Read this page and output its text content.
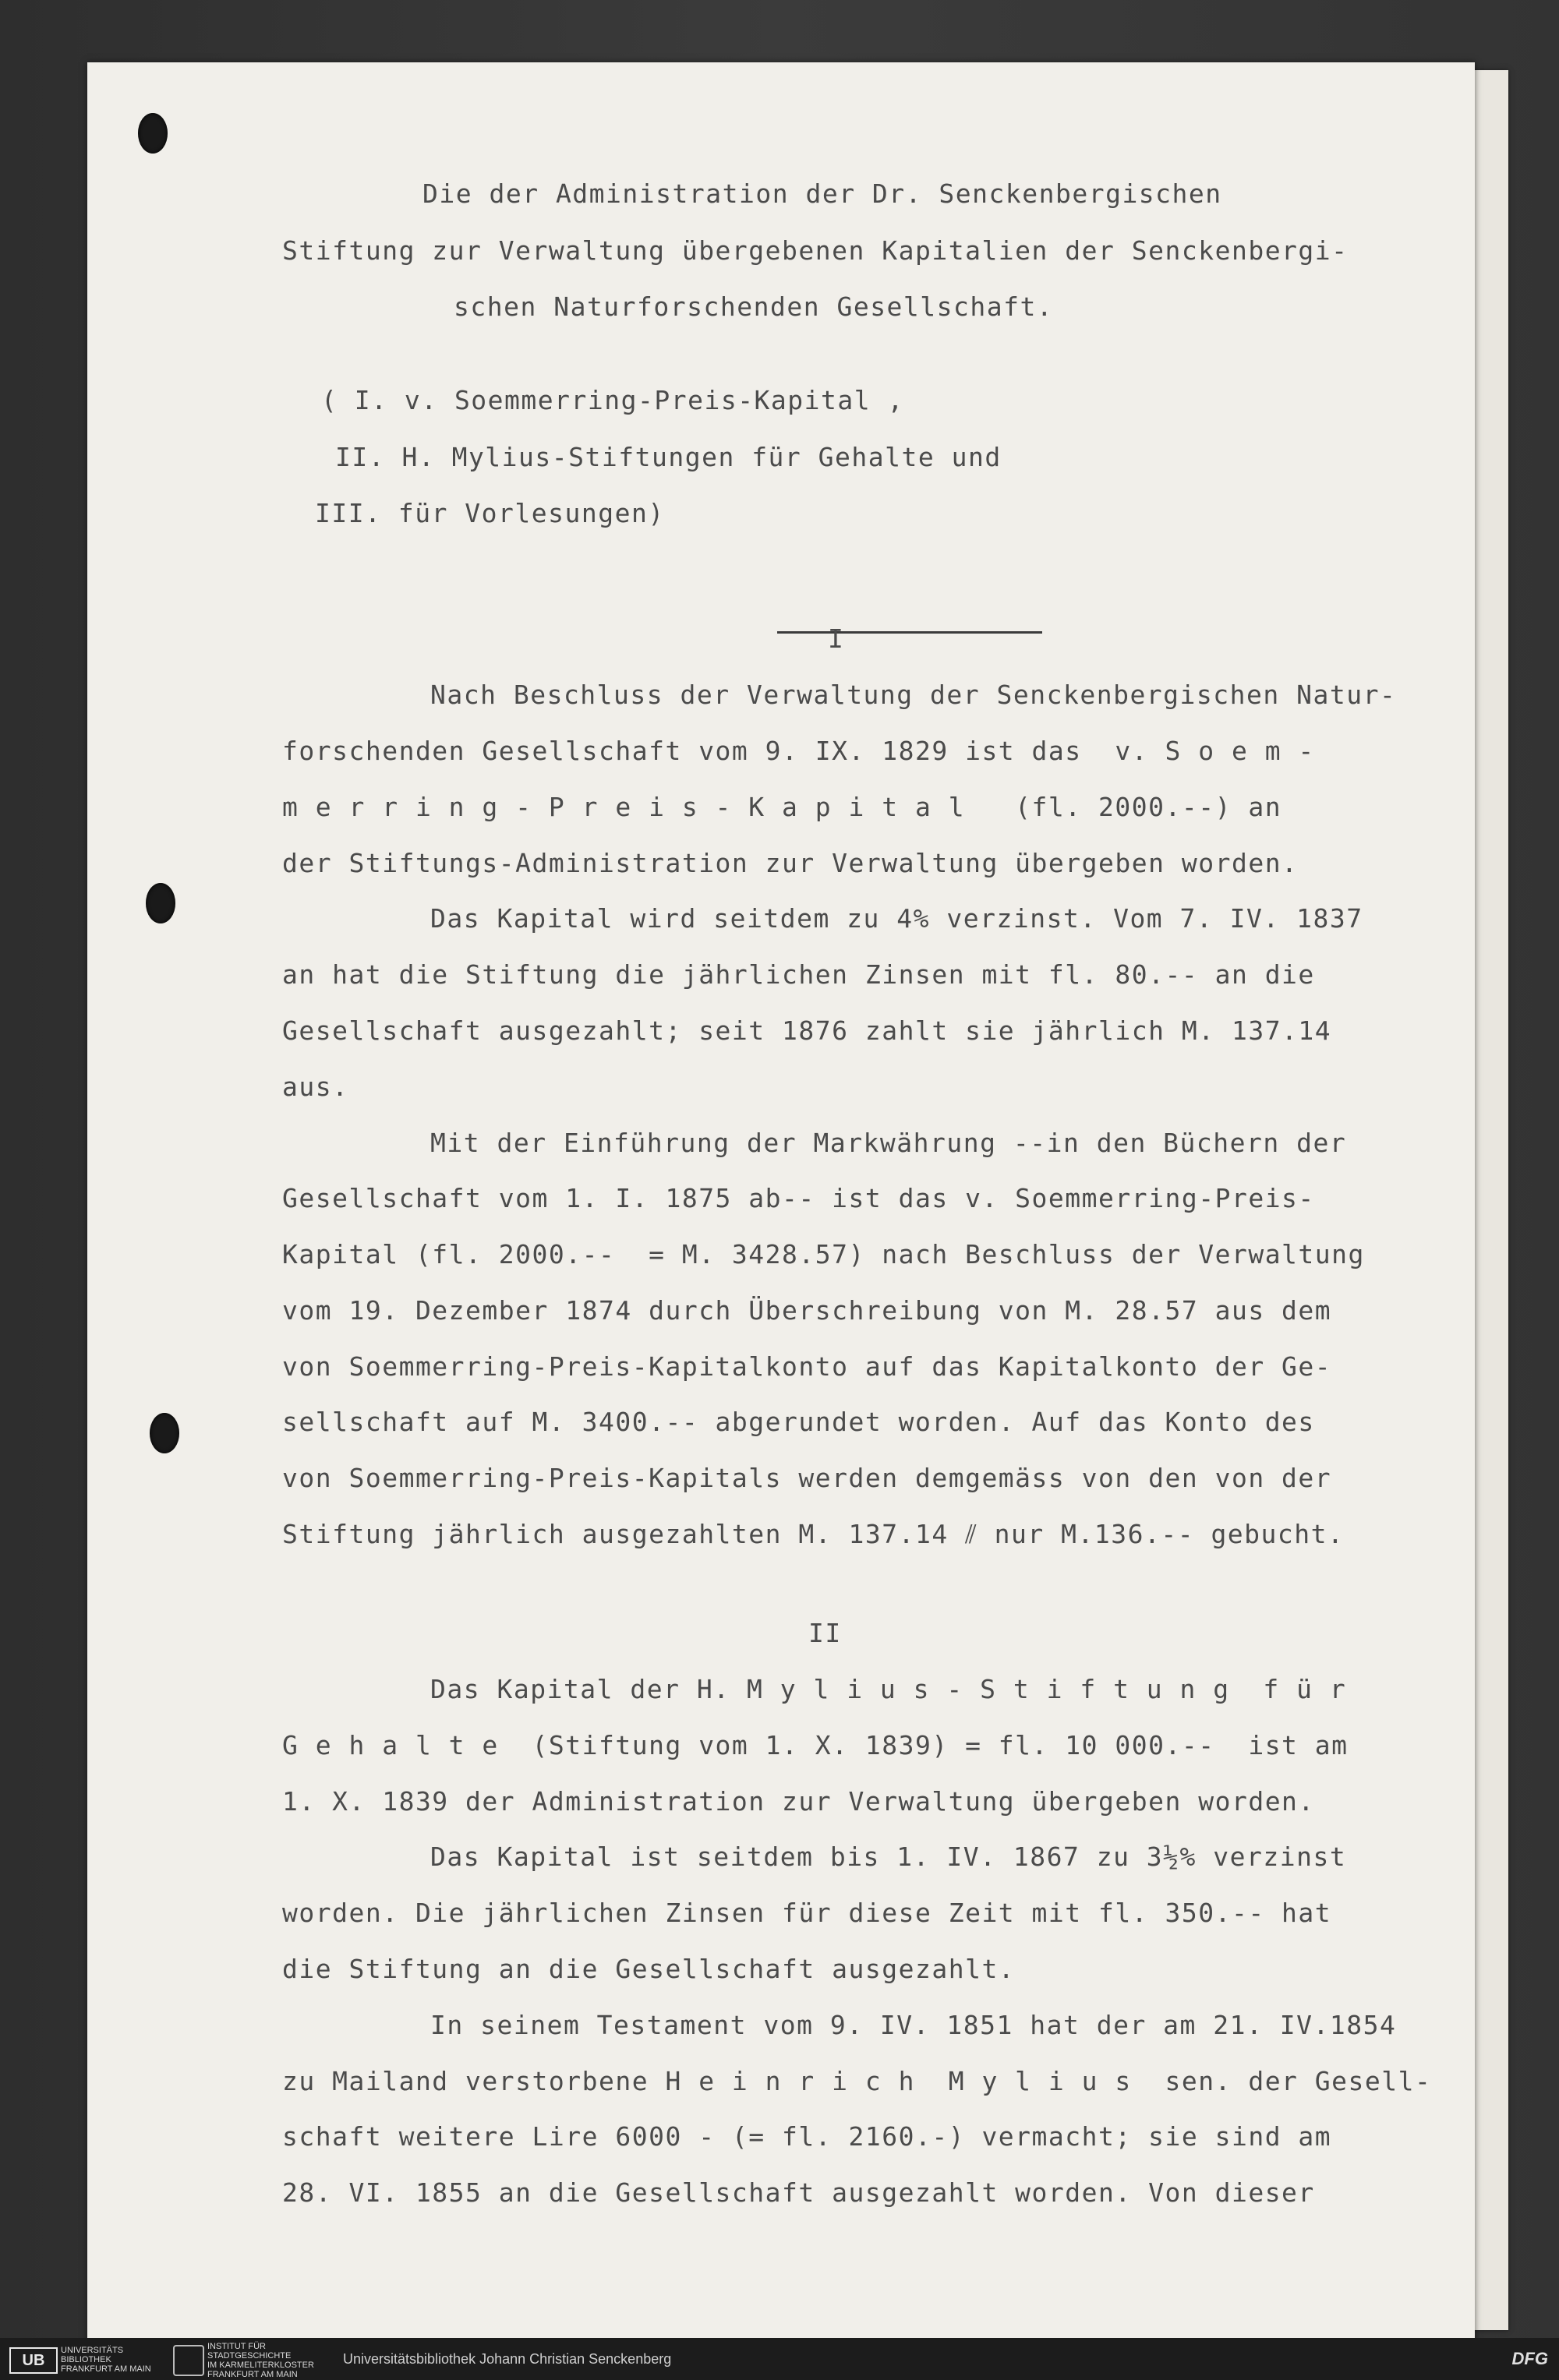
Die der Administration der Dr. Senckenbergischen
Stiftung zur Verwaltung übergebenen Kapitalien der Senckenbergi-
schen Naturforschenden Gesellschaft.
( I. v. Soemmerring-Preis-Kapital ,
II. H. Mylius-Stiftungen für Gehalte und
III. für Vorlesungen)
I
Nach Beschluss der Verwaltung der Senckenbergischen Natur-
forschenden Gesellschaft vom 9. IX. 1829 ist das  v. S o e m -
m e r r i n g - P r e i s - K a p i t a l   (fl. 2000.--) an
der Stiftungs-Administration zur Verwaltung übergeben worden.
Das Kapital wird seitdem zu 4% verzinst. Vom 7. IV. 1837
an hat die Stiftung die jährlichen Zinsen mit fl. 80.-- an die
Gesellschaft ausgezahlt; seit 1876 zahlt sie jährlich M. 137.14
aus.
Mit der Einführung der Markwährung --in den Büchern der
Gesellschaft vom 1. I. 1875 ab-- ist das v. Soemmerring-Preis-
Kapital (fl. 2000.--  = M. 3428.57) nach Beschluss der Verwaltung
vom 19. Dezember 1874 durch Überschreibung von M. 28.57 aus dem
von Soemmerring-Preis-Kapitalkonto auf das Kapitalkonto der Ge-
sellschaft auf M. 3400.-- abgerundet worden. Auf das Konto des
von Soemmerring-Preis-Kapitals werden demgemäss von den von der
Stiftung jährlich ausgezahlten M. 137.14 ⫽ nur M.136.-- gebucht.
II
Das Kapital der H. M y l i u s - S t i f t u n g  f ü r
G e h a l t e  (Stiftung vom 1. X. 1839) = fl. 10 000.--  ist am
1. X. 1839 der Administration zur Verwaltung übergeben worden.
Das Kapital ist seitdem bis 1. IV. 1867 zu 3½% verzinst
worden. Die jährlichen Zinsen für diese Zeit mit fl. 350.-- hat
die Stiftung an die Gesellschaft ausgezahlt.
In seinem Testament vom 9. IV. 1851 hat der am 21. IV.1854
zu Mailand verstorbene H e i n r i c h  M y l i u s  sen. der Gesell-
schaft weitere Lire 6000 - (= fl. 2160.-) vermacht; sie sind am
28. VI. 1855 an die Gesellschaft ausgezahlt worden. Von dieser
UB
UNIVERSITÄTS
BIBLIOTHEK
FRANKFURT AM MAIN
INSTITUT FÜR
STADTGESCHICHTE
IM KARMELITERKLOSTER
FRANKFURT AM MAIN
Universitätsbibliothek Johann Christian Senckenberg	DFG
